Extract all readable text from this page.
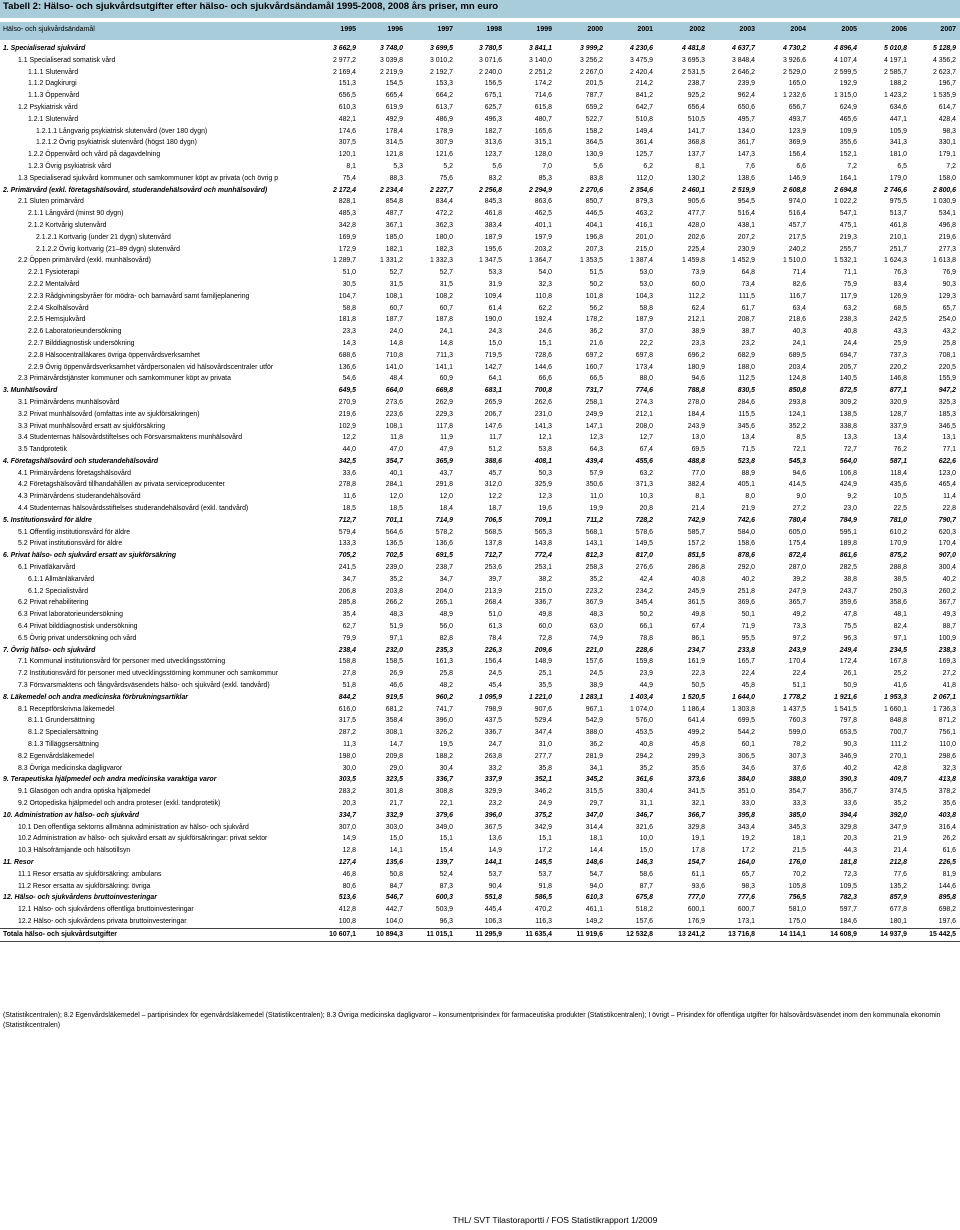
Tabell 2: Hälso- och sjukvårdsutgifter efter hälso- och sjukvårdsändamål 1995-2008, 2008 års priser, mn euro
Hälso- och sjukvårdsändamål	1995	1996	1997	1998	1999	2000	2001	2002	2003	2004	2005	2006	2007
1. Specialiserad sjukvård	3 662,9	3 748,0	3 699,5	3 780,5	3 841,1	3 999,2	4 230,6	4 481,8	4 637,7	4 730,2	4 896,4	5 010,8	5 128,9
1.1 Specialiserad somatisk vård	2 977,2	3 039,8	3 010,2	3 071,6	3 140,0	3 256,2	3 475,9	3 695,3	3 848,4	3 926,6	4 107,4	4 197,1	4 356,2
1.1.1 Slutenvård	2 169,4	2 219,9	2 192,7	2 240,0	2 251,2	2 267,0	2 420,4	2 531,5	2 646,2	2 529,0	2 599,5	2 585,7	2 623,7
1.1.2 Dagkirurgi	151,3	154,5	153,3	156,5	174,2	201,5	214,2	238,7	239,9	165,0	192,9	188,2	196,7
1.1.3 Öppenvård	656,5	665,4	664,2	675,1	714,6	787,7	841,2	925,2	962,4	1 232,6	1 315,0	1 423,2	1 535,9
1.2 Psykiatrisk vård	610,3	619,9	613,7	625,7	615,8	659,2	642,7	656,4	650,6	656,7	624,9	634,6	614,7
1.2.1 Slutenvård	482,1	492,9	486,9	496,3	480,7	522,7	510,8	510,5	495,7	493,7	465,6	447,1	428,4
1.2.1.1 Långvarig psykiatrisk slutenvård (över 180 dygn)	174,6	178,4	178,9	182,7	165,6	158,2	149,4	141,7	134,0	123,9	109,9	105,9	98,3
1.2.1.2 Övrig psykiatrisk slutenvård (högst 180 dygn)	307,5	314,5	307,9	313,6	315,1	364,5	361,4	368,8	361,7	369,9	355,6	341,3	330,1
1.2.2 Öppenvård och vård på dagavdelning	120,1	121,8	121,6	123,7	128,0	130,9	125,7	137,7	147,3	156,4	152,1	181,0	179,1
1.2.3 Övrig psykiatrisk vård	8,1	5,3	5,2	5,6	7,0	5,6	6,2	8,1	7,6	6,6	7,2	6,5	7,2
1.3 Specialiserad sjukvård kommuner och samkommuner köpt av privata (och övrig p	75,4	88,3	75,6	83,2	85,3	83,8	112,0	130,2	138,6	146,9	164,1	179,0	158,0
2. Primärvård (exkl. företagshälsovård, studerandehälsovård och munhälsovård)	2 172,4	2 234,4	2 227,7	2 256,8	2 294,9	2 270,6	2 354,6	2 460,1	2 519,9	2 608,8	2 694,8	2 746,6	2 800,6
2.1 Sluten primärvård	828,1	854,8	834,4	845,3	863,6	850,7	879,3	905,6	954,5	974,0	1 022,2	975,5	1 030,9
2.1.1 Långvård (minst 90 dygn)	485,3	487,7	472,2	461,8	462,5	446,5	463,2	477,7	516,4	516,4	547,1	513,7	534,1
2.1.2 Kortvårig slutenvård	342,8	367,1	362,3	383,4	401,1	404,1	416,1	428,0	438,1	457,7	475,1	461,8	496,8
2.1.2.1 Kortvarig (under 21 dygn) slutenvård	169,9	185,0	180,0	187,9	197,9	196,8	201,0	202,6	207,2	217,5	219,3	210,1	219,6
2.1.2.2 Övrig kortvarig (21–89 dygn) slutenvård	172,9	182,1	182,3	195,6	203,2	207,3	215,0	225,4	230,9	240,2	255,7	251,7	277,3
2.2 Öppen primärvård (exkl. munhälsovård)	1 289,7	1 331,2	1 332,3	1 347,5	1 364,7	1 353,5	1 387,4	1 459,8	1 452,9	1 510,0	1 532,1	1 624,3	1 613,8
2.2.1 Fysioterapi	51,0	52,7	52,7	53,3	54,0	51,5	53,0	73,9	64,8	71,4	71,1	76,3	76,9
2.2.2 Mentalvård	30,5	31,5	31,5	31,9	32,3	50,2	53,0	60,0	73,4	82,6	75,9	83,4	90,3
2.2.3 Rådgivningsbyråer för mödra- och barnavård samt familjeplanering	104,7	108,1	108,2	109,4	110,8	101,8	104,3	112,2	111,5	116,7	117,9	126,9	129,3
2.2.4 Skolhälsovård	58,8	60,7	60,7	61,4	62,2	56,2	58,8	62,4	61,7	63,4	63,2	68,5	65,7
2.2.5 Hemsjukvård	181,8	187,7	187,8	190,0	192,4	178,2	187,9	212,1	208,7	218,6	238,3	242,5	254,0
2.2.6 Laboratorieundersökning	23,3	24,0	24,1	24,3	24,6	36,2	37,0	38,9	38,7	40,3	40,8	43,3	43,2
2.2.7 Bilddiagnostisk undersökning	14,3	14,8	14,8	15,0	15,1	21,6	22,2	23,3	23,2	24,1	24,4	25,9	25,8
2.2.8 Hälsocentralläkares övriga öppenvårdsverksamhet	688,6	710,8	711,3	719,5	728,6	697,2	697,8	696,2	682,9	689,5	694,7	737,3	708,1
2.2.9 Övrig öppenvårdsverksamhet vårdpersonalen vid hälsovårdscentraler utför	136,6	141,0	141,1	142,7	144,6	160,7	173,4	180,9	188,0	203,4	205,7	220,2	220,5
2.3 Primärvårdstjänster kommuner och samkommuner köpt av privata	54,6	48,4	60,9	64,1	66,6	66,5	88,0	94,6	112,5	124,8	140,5	146,8	155,9
3. Munhälsovård	649,5	664,0	669,8	683,1	700,8	731,7	774,6	788,8	830,5	850,8	872,5	877,1	947,2
3.1 Primärvårdens munhälsovård	270,9	273,6	262,9	265,9	262,6	258,1	274,3	278,0	284,6	293,8	309,2	320,9	325,3
3.2 Privat munhälsovård (omfattas inte av sjukförsäkringen)	219,6	223,6	229,3	206,7	231,0	249,9	212,1	184,4	115,5	124,1	138,5	128,7	185,3
3.3 Privat munhälsovård ersatt av sjukförsäkring	102,9	108,1	117,8	147,6	141,3	147,1	208,0	243,9	345,6	352,2	338,8	337,9	346,5
3.4 Studenternas hälsovårdstiftelses och Försvarsmaktens munhälsovård	12,2	11,8	11,9	11,7	12,1	12,3	12,7	13,0	13,4	8,5	13,3	13,4	13,1
3.5 Tandprotetik	44,0	47,0	47,9	51,2	53,8	64,3	67,4	69,5	71,5	72,1	72,7	76,2	77,1
4. Företagshälsovård och studerandehälsovård	342,5	354,7	365,9	388,6	408,1	439,4	455,6	488,8	523,8	545,3	564,0	587,1	622,6
4.1 Primärvårdens företagshälsovård	33,6	40,1	43,7	45,7	50,3	57,9	63,2	77,0	88,9	94,6	106,8	118,4	123,0
4.2 Företagshälsovård tillhandahållen av privata serviceproducenter	278,8	284,1	291,8	312,0	325,9	350,6	371,3	382,4	405,1	414,5	424,9	435,6	465,4
4.3 Primärvårdens studerandehälsovård	11,6	12,0	12,0	12,2	12,3	11,0	10,3	8,1	8,0	9,0	9,2	10,5	11,4
4.4 Studenternas hälsovårdsstiftelses studerandehälsovård (exkl. tandvård)	18,5	18,5	18,4	18,7	19,6	19,9	20,8	21,4	21,9	27,2	23,0	22,5	22,8
5. Institutionsvård för äldre	712,7	701,1	714,9	706,5	709,1	711,2	728,2	742,9	742,6	780,4	784,9	781,0	790,7
5.1 Offentlig institutionsvård för äldre	579,4	564,6	578,2	568,5	565,3	568,1	578,6	585,7	584,0	605,0	595,1	610,2	620,3
5.2 Privat institutionsvård för äldre	133,3	136,5	136,6	137,8	143,8	143,1	149,5	157,2	158,6	175,4	189,8	170,9	170,4
6. Privat hälso- och sjukvård ersatt av sjukförsäkring	705,2	702,5	691,5	712,7	772,4	812,3	817,0	851,5	878,6	872,4	861,6	875,2	907,0
6.1 Privatläkarvård	241,5	239,0	238,7	253,6	253,1	258,3	276,6	286,8	292,0	287,0	282,5	288,8	300,4
6.1.1 Allmänläkarvård	34,7	35,2	34,7	39,7	38,2	35,2	42,4	40,8	40,2	39,2	38,8	38,5	40,2
6.1.2 Specialistvård	206,8	203,8	204,0	213,9	215,0	223,2	234,2	245,9	251,8	247,9	243,7	250,3	260,2
6.2 Privat rehabilitering	285,8	266,2	265,1	268,4	336,7	367,9	345,4	361,5	369,6	365,7	359,6	358,6	367,7
6.3 Privat laboratorieundersökning	35,4	48,3	48,9	51,0	49,8	48,3	50,2	49,8	50,1	49,2	47,8	48,1	49,3
6.4 Privat bilddiagnostisk undersökning	62,7	51,9	56,0	61,3	60,0	63,0	66,1	67,4	71,9	73,3	75,5	82,4	88,7
6.5 Övrig privat undersökning och vård	79,9	97,1	82,8	78,4	72,8	74,9	78,8	86,1	95,5	97,2	96,3	97,1	100,9
7. Övrig hälso- och sjukvård	238,4	232,0	235,3	226,3	209,6	221,0	228,6	234,7	233,8	243,9	249,4	234,5	238,3
7.1 Kommunal institutionsvård för personer med utvecklingsstörning	158,8	158,5	161,3	156,4	148,9	157,6	159,8	161,9	165,7	170,4	172,4	167,8	169,3
7.2 Institutionsvård för personer med utvecklingsstörning kommuner och samkommur	27,8	26,9	25,8	24,5	25,1	24,5	23,9	22,3	22,4	22,4	26,1	25,2	27,2
7.3 Försvarsmaktens och fångvårdsväsendets hälso- och sjukvård (exkl. tandvård)	51,8	46,6	48,2	45,4	35,5	38,9	44,9	50,5	45,8	51,1	50,9	41,6	41,8
8. Läkemedel och andra medicinska förbrukningsartiklar	844,2	919,5	960,2	1 095,9	1 221,0	1 283,1	1 403,4	1 520,5	1 644,0	1 778,2	1 921,6	1 953,3	2 067,1
8.1 Receptförskrivna läkemedel	616,0	681,2	741,7	798,9	907,6	967,1	1 074,0	1 186,4	1 303,8	1 437,5	1 541,5	1 660,1	1 736,3
8.1.1 Grundersättning	317,5	358,4	396,0	437,5	529,4	542,9	576,0	641,4	699,5	760,3	797,8	848,8	871,2
8.1.2 Specialersättning	287,2	308,1	326,2	336,7	347,4	388,0	453,5	499,2	544,2	599,0	653,5	700,7	756,1
8.1.3 Tilläggsersättning	11,3	14,7	19,5	24,7	31,0	36,2	40,8	45,8	60,1	78,2	90,3	111,2	110,0
8.2 Egenvårdsläkemedel	198,0	209,8	188,2	263,8	277,7	281,9	294,2	299,3	306,5	307,3	346,9	270,1	298,6
8.3 Övriga medicinska dagligvaror	30,0	29,0	30,4	33,2	35,8	34,1	35,2	35,6	34,6	37,6	40,2	42,8	32,3
9. Terapeutiska hjälpmedel och andra medicinska varaktiga varor	303,5	323,5	336,7	337,9	352,1	345,2	361,6	373,6	384,0	388,0	390,3	409,7	413,8
9.1 Glasögon och andra optiska hjälpmedel	283,2	301,8	308,8	329,9	346,2	315,5	330,4	341,5	351,0	354,7	356,7	374,5	378,2
9.2 Ortopediska hjälpmedel och andra proteser (exkl. tandprotetik)	20,3	21,7	22,1	23,2	24,9	29,7	31,1	32,1	33,0	33,3	33,6	35,2	35,6
10. Administration av hälso- och sjukvård	334,7	332,9	379,6	396,0	375,2	347,0	346,7	366,7	395,8	385,0	394,4	392,0	403,8
10.1 Den offentliga sektorns allmänna administration av hälso- och sjukvård	307,0	303,0	349,0	367,5	342,9	314,4	321,6	329,8	343,4	345,3	329,8	347,9	316,4
10.2 Administration av hälso- och sjukvård ersatt av sjukförsäkringar: privat sektor	14,9	15,0	15,1	13,6	15,1	18,1	10,0	19,1	19,2	18,1	20,3	21,9	26,2
10.3 Hälsofrämjande och hälsotillsyn	12,8	14,1	15,4	14,9	17,2	14,4	15,0	17,8	17,2	21,5	44,3	21,4	61,6
11. Resor	127,4	135,6	139,7	144,1	145,5	148,6	146,3	154,7	164,0	176,0	181,8	212,8	226,5
11.1 Resor ersatta av sjukförsäkring: ambulans	46,8	50,8	52,4	53,7	53,7	54,7	58,6	61,1	65,7	70,2	72,3	77,6	81,9
11.2 Resor ersatta av sjukförsäkring: övriga	80,6	84,7	87,3	90,4	91,8	94,0	87,7	93,6	98,3	105,8	109,5	135,2	144,6
12. Hälso- och sjukvårdens bruttoinvesteringar	513,6	546,7	600,3	551,8	586,5	610,3	675,8	777,0	777,6	756,5	782,3	857,9	895,8
12.1 Hälso- och sjukvårdens offentliga bruttoinvesteringar	412,8	442,7	503,9	445,4	470,2	461,1	518,2	600,1	600,7	581,0	597,7	677,8	698,2
12.2 Hälso- och sjukvårdens privata bruttoinvesteringar	100,8	104,0	96,3	106,3	116,3	149,2	157,6	176,9	173,1	175,0	184,6	180,1	197,6
Totala hälso- och sjukvårdsutgifter	10 607,1	10 894,3	11 015,1	11 295,9	11 635,4	11 919,6	12 532,8	13 241,2	13 716,8	14 114,1	14 608,9	14 937,9	15 442,5
(Statistikcentralen); 8.2 Egenvårdsläkemedel – partiprisindex för egenvårdsläkemedel (Statistikcentralen); 8.3 Övriga medicinska dagligvaror – konsumentprisindex för farmaceutiska produkter (Statistikcentralen); I övrigt – Prisindex för offentliga utgifter för hälsovårdsväsendet inom den kommunala ekonomin (Statistikcentralen)
THL/ SVT Tilastoraportti / FOS Statistikrapport 1/2009
